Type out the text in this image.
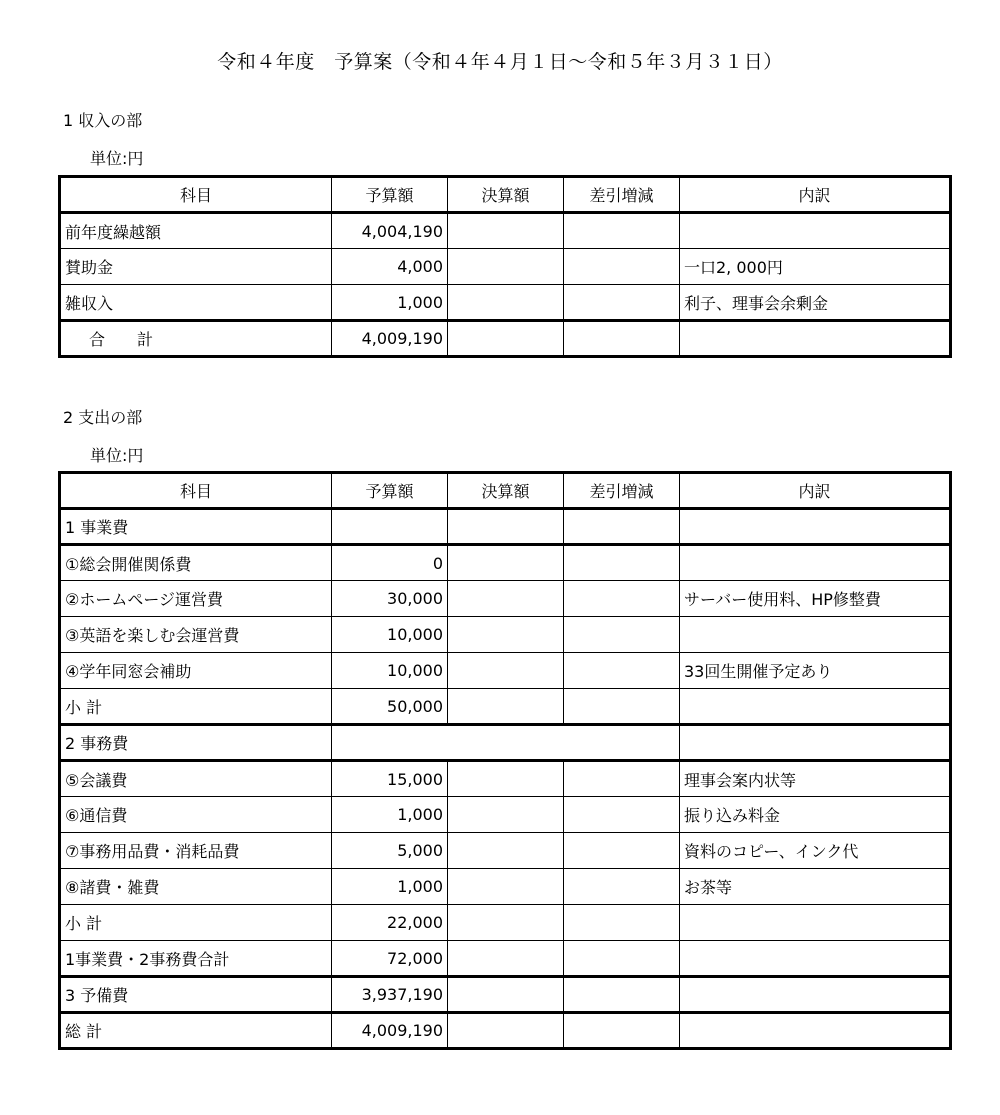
令和４年度　予算案（令和４年４月１日～令和５年３月３１日）
1 収入の部
単位:円
科目	予算額	決算額	差引増減	内訳
前年度繰越額	4,004,190			
賛助金	4,000			一口2, 000円
雑収入	1,000			利子、理事会余剰金
合　　計	4,009,190			
2 支出の部
単位:円
科目	予算額	決算額	差引増減	内訳
1 事業費				
①総会開催関係費	0			
②ホームページ運営費	30,000			サーバー使用料、HP修整費
③英語を楽しむ会運営費	10,000			
④学年同窓会補助	10,000			33回生開催予定あり
小 計	50,000			
2 事務費				
⑤会議費	15,000			理事会案内状等
⑥通信費	1,000			振り込み料金
⑦事務用品費・消耗品費	5,000			資料のコピー、インク代
⑧諸費・雑費	1,000			お茶等
小 計	22,000			
1事業費・2事務費合計	72,000			
3 予備費	3,937,190			
総 計	4,009,190			
